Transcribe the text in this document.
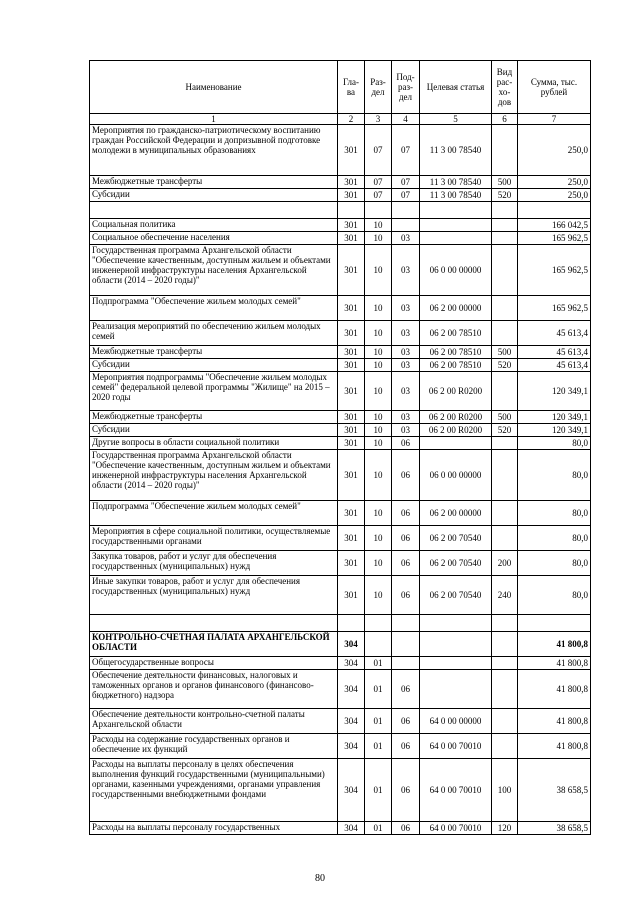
Наименование	Гла-ва	Раз-дел	Под-раз-дел	Целевая статья	Вид рас-хо-дов	Сумма, тыс. рублей
1	2	3	4	5	6	7
Мероприятия по гражданско-патриотическому воспитанию граждан Российской Федерации и допризывной подготовке молодежи в муниципальных образованиях	301	07	07	11 3 00 78540		250,0
Межбюджетные трансферты	301	07	07	11 3 00 78540	500	250,0
Субсидии	301	07	07	11 3 00 78540	520	250,0

Социальная политика	301	10				166 042,5
Социальное обеспечение населения	301	10	03			165 962,5
Государственная программа Архангельской области "Обеспечение качественным, доступным жильем и объектами инженерной инфраструктуры населения Архангельской области (2014 – 2020 годы)"	301	10	03	06 0 00 00000		165 962,5
Подпрограмма "Обеспечение жильем молодых семей"	301	10	03	06 2 00 00000		165 962,5
Реализация мероприятий по обеспечению жильем молодых семей	301	10	03	06 2 00 78510		45 613,4
Межбюджетные трансферты	301	10	03	06 2 00 78510	500	45 613,4
Субсидии	301	10	03	06 2 00 78510	520	45 613,4
Мероприятия подпрограммы "Обеспечение жильем молодых семей" федеральной целевой программы "Жилище" на 2015 – 2020 годы	301	10	03	06 2 00 R0200		120 349,1
Межбюджетные трансферты	301	10	03	06 2 00 R0200	500	120 349,1
Субсидии	301	10	03	06 2 00 R0200	520	120 349,1
Другие вопросы в области социальной политики	301	10	06			80,0
Государственная программа Архангельской области "Обеспечение качественным, доступным жильем и объектами инженерной инфраструктуры населения Архангельской области (2014 – 2020 годы)"	301	10	06	06 0 00 00000		80,0
Подпрограмма "Обеспечение жильем молодых семей"	301	10	06	06 2 00 00000		80,0
Мероприятия в сфере социальной политики, осуществляемые государственными органами	301	10	06	06 2 00 70540		80,0
Закупка товаров, работ и услуг для обеспечения государственных (муниципальных) нужд	301	10	06	06 2 00 70540	200	80,0
Иные закупки товаров, работ и услуг для обеспечения государственных (муниципальных) нужд	301	10	06	06 2 00 70540	240	80,0

КОНТРОЛЬНО-СЧЕТНАЯ ПАЛАТА АРХАНГЕЛЬСКОЙ ОБЛАСТИ	304					41 800,8
Общегосударственные вопросы	304	01				41 800,8
Обеспечение деятельности финансовых, налоговых и таможенных органов и органов финансового (финансово-бюджетного) надзора	304	01	06			41 800,8
Обеспечение деятельности контрольно-счетной палаты Архангельской области	304	01	06	64 0 00 00000		41 800,8
Расходы на содержание государственных органов и обеспечение их функций	304	01	06	64 0 00 70010		41 800,8
Расходы на выплаты персоналу в целях обеспечения выполнения функций государственными (муниципальными) органами, казенными учреждениями, органами управления государственными внебюджетными фондами	304	01	06	64 0 00 70010	100	38 658,5
Расходы на выплаты персоналу государственных	304	01	06	64 0 00 70010	120	38 658,5
80
